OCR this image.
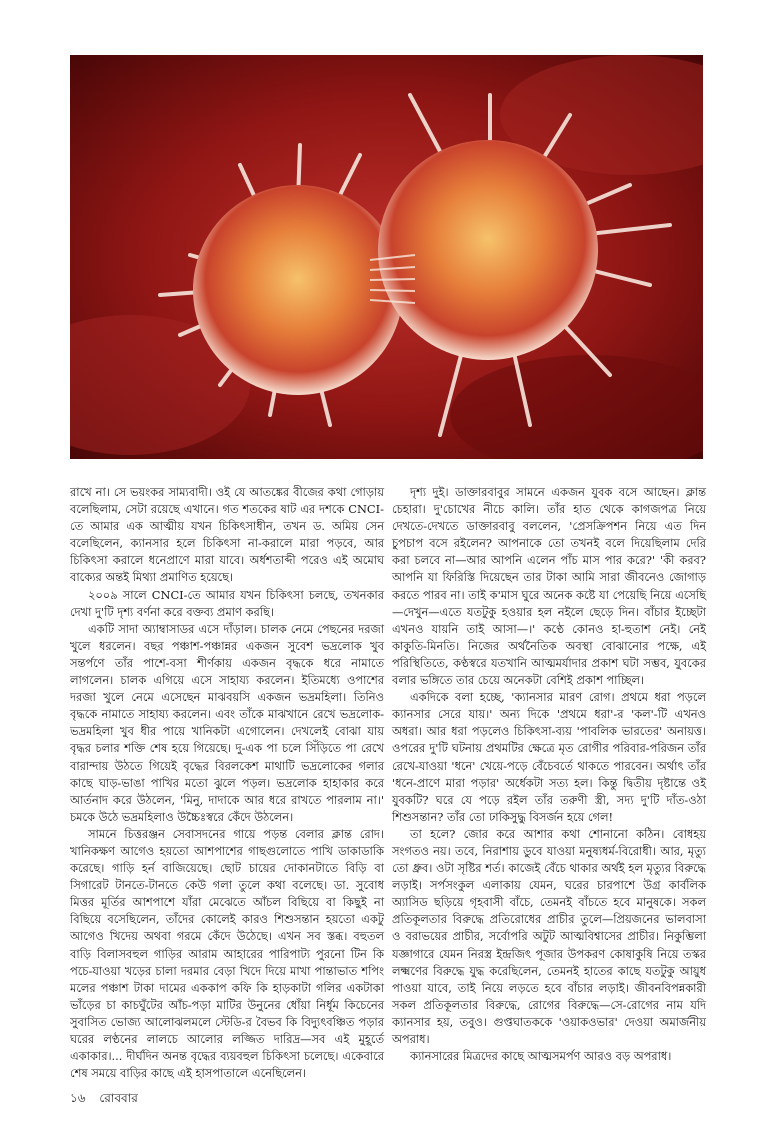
রাখে না। সে ভয়ংকর সাম্যবাদী। ওই যে আতঙ্কের বীজের কথা গোড়ায় বলেছিলাম, সেটা রয়েছে এখানে। গত শতকের ষাট এর দশকে CNCI-তে আমার এক আত্মীয় যখন চিকিৎসাধীন, তখন ড. অমিয় সেন বলেছিলেন, ক্যানসার হলে চিকিৎসা না-করালে মারা পড়বে, আর চিকিৎসা করালে ধনেপ্রাণে মারা যাবে। অর্ধশতাব্দী পরেও এই অমোঘ বাক্যের অন্তই মিথ্যা প্রমাণিত হয়েছে।

২০০৯ সালে CNCI-তে আমার যখন চিকিৎসা চলছে, তখনকার দেখা দু'টি দৃশ্য বর্ণনা করে বক্তব্য প্রমাণ করছি।

একটি সাদা অ্যাম্বাসাডর এসে দাঁড়াল। চালক নেমে পেছনের দরজা খুলে ধরলেন। বছর পঞ্চাশ-পঞ্চান্নর একজন সুবেশ ভদ্রলোক খুব সন্তর্পণে তাঁর পাশে-বসা শীর্ণকায় একজন বৃদ্ধকে ধরে নামাতে লাগলেন। চালক এগিয়ে এসে সাহায্য করলেন। ইতিমধ্যে ওপাশের দরজা খুলে নেমে এসেছেন মাঝবয়সি একজন ভদ্রমহিলা। তিনিও বৃদ্ধকে নামাতে সাহায্য করলেন। এবং তাঁকে মাঝখানে রেখে ভদ্রলোক-ভদ্রমহিলা খুব ধীর পায়ে খানিকটা এগোলেন। দেখলেই বোঝা যায় বৃদ্ধর চলার শক্তি শেষ হয়ে গিয়েছে। দু-এক পা চলে সিঁড়িতে পা রেখে বারান্দায় উঠতে গিয়েই বৃদ্ধের বিরলকেশ মাথাটি ভদ্রলোকের গলার কাছে ঘাড়-ভাঙা পাখির মতো ঝুলে পড়ল। ভদ্রলোক হাহাকার করে আর্তনাদ করে উঠলেন, 'মিনু, দাদাকে আর ধরে রাখতে পারলাম না।' চমকে উঠে ভদ্রমহিলাও উচ্চৈঃস্বরে কেঁদে উঠলেন।

সামনে চিত্তরঞ্জন সেবাসদনের গায়ে পড়ন্ত বেলার ক্লান্ত রোদ। খানিকক্ষণ আগেও হয়তো আশপাশের গাছগুলোতে পাখি ডাকাডাকি করেছে। গাড়ি হর্ন বাজিয়েছে। ছোট চায়ের দোকানটাতে বিড়ি বা সিগারেট টানতে-টানতে কেউ গলা তুলে কথা বলেছে। ডা. সুবোধ মিত্তর মূর্তির আশপাশে যাঁরা মেঝেতে আঁচল বিছিয়ে বা কিছুই না বিছিয়ে বসেছিলেন, তাঁদের কোলেই কারও শিশুসন্তান হয়তো একটু আগেও খিদেয় অথবা গরমে কেঁদে উঠেছে। এখন সব স্তব্ধ। বহুতল বাড়ি বিলাসবহুল গাড়ির আরাম আহারের পারিপাট্য পুরনো টিন কি পচে-যাওয়া খড়ের চালা দরমার বেড়া খিদে দিয়ে মাখা পান্তাভাত শপিং মলের পঞ্চাশ টাকা দামের এককাপ কফি কি হাড়কাটা গলির একটাকা ভাঁড়ের চা কাচঘুঁটের আঁচ-পড়া মাটির উনুনের ধোঁয়া নির্ধূম কিচেনের সুবাসিত ভোজ্য আলোঝলমলে স্টেডি-র বৈভব কি বিদ্যুৎবঞ্চিত পড়ার ঘরের লণ্ঠনের লালচে আলোর লজ্জিত দারিদ্র—সব এই মুহূর্তে একাকার।... দীর্ঘদিন অনন্ত বৃদ্ধের ব্যয়বহুল চিকিৎসা চলেছে। একেবারে শেষ সময়ে বাড়ির কাছে এই হাসপাতালে এনেছিলেন।

দৃশ্য দুই। ডাক্তারবাবুর সামনে একজন যুবক বসে আছেন। ক্লান্ত চেহারা। দু'চোখের নীচে কালি। তাঁর হাত থেকে কাগজপত্র নিয়ে দেখতে-দেখতে ডাক্তারবাবু বললেন, 'প্রেসক্রিপশন নিয়ে এত দিন চুপচাপ বসে রইলেন? আপনাকে তো তখনই বলে দিয়েছিলাম দেরি করা চলবে না—আর আপনি এলেন পাঁচ মাস পার করে?' 'কী করব? আপনি যা ফিরিস্তি দিয়েছেন তার টাকা আমি সারা জীবনেও জোগাড় করতে পারব না। তাই ক'মাস ঘুরে অনেক কষ্টে যা পেয়েছি নিয়ে এসেছি—দেখুন—এতে যতটুকু হওয়ার হল নইলে ছেড়ে দিন। বাঁচার ইচ্ছেটা এখনও যায়নি তাই আসা—।' কণ্ঠে কোনও হা-হুতাশ নেই। নেই কাকুতি-মিনতি। নিজের অর্থনৈতিক অবস্থা বোঝানোর পক্ষে, এই পরিস্থিতিতে, কণ্ঠস্বরে যতখানি আত্মমর্যাদার প্রকাশ ঘটা সম্ভব, যুবকের বলার ভঙ্গিতে তার চেয়ে অনেকটা বেশিই প্রকাশ পাচ্ছিল।

একদিকে বলা হচ্ছে, 'ক্যানসার মারণ রোগ। প্রথমে ধরা পড়লে ক্যানসার সেরে যায়।' অন্য দিকে 'প্রথমে ধরা'-র 'কল'-টি এখনও অধরা। আর ধরা পড়লেও চিকিৎসা-ব্যয় 'পাবলিক ভারতের' অনায়ত্ত। ওপরের দু'টি ঘটনায় প্রথমটির ক্ষেত্রে মৃত রোগীর পরিবার-পরিজন তাঁর রেখে-যাওয়া 'ধনে' খেয়ে-পড়ে বেঁচেবর্তে থাকতে পারবেন। অর্থাৎ তাঁর 'ধনে-প্রাণে মারা পড়ার' অর্ধেকটা সত্য হল। কিন্তু দ্বিতীয় দৃষ্টান্তে ওই যুবকটি? ঘরে যে পড়ে রইল তাঁর তরুণী স্ত্রী, সদ্য দু'টি দাঁত-ওঠা শিশুসন্তান? তাঁর তো ঢাকিসুদ্ধু বিসর্জন হয়ে গেল!

তা হলে? জোর করে আশার কথা শোনানো কঠিন। বোধহয় সংগতও নয়। তবে, নিরাশায় ডুবে যাওয়া মনুষ্যধর্ম-বিরোধী। আর, মৃত্যু তো ধ্রুব। ওটা সৃষ্টির শর্ত। কাজেই বেঁচে থাকার অর্থই হল মৃত্যুর বিরুদ্ধে লড়াই। সর্পসংকুল এলাকায় যেমন, ঘরের চারপাশে উগ্র কার্বলিক অ্যাসিড ছড়িয়ে গৃহবাসী বাঁচে, তেমনই বাঁচতে হবে মানুষকে। সকল প্রতিকূলতার বিরুদ্ধে প্রতিরোধের প্রাচীর তুলে—প্রিয়জনের ভালবাসা ও বরাভয়ের প্রাচীর, সর্বোপরি অটুট আত্মবিশ্বাসের প্রাচীর। নিকুম্ভিলা যজ্ঞাগারে যেমন নিরস্ত্র ইন্দ্রজিৎ পূজার উপকরণ কোষাকুষি নিয়ে তস্কর লক্ষ্মণের বিরুদ্ধে যুদ্ধ করেছিলেন, তেমনই হাতের কাছে যতটুকু আয়ুধ পাওয়া যাবে, তাই নিয়ে লড়তে হবে বাঁচার লড়াই। জীবনবিপন্নকারী সকল প্রতিকূলতার বিরুদ্ধে, রোগের বিরুদ্ধে—সে-রোগের নাম যদি ক্যানসার হয়, তবুও। গুপ্তঘাতককে 'ওয়াকওভার' দেওয়া অমার্জনীয় অপরাধ।

ক্যানসারের মিত্রদের কাছে আত্মসমর্পণ আরও বড় অপরাধ।

১৬ রোববার
